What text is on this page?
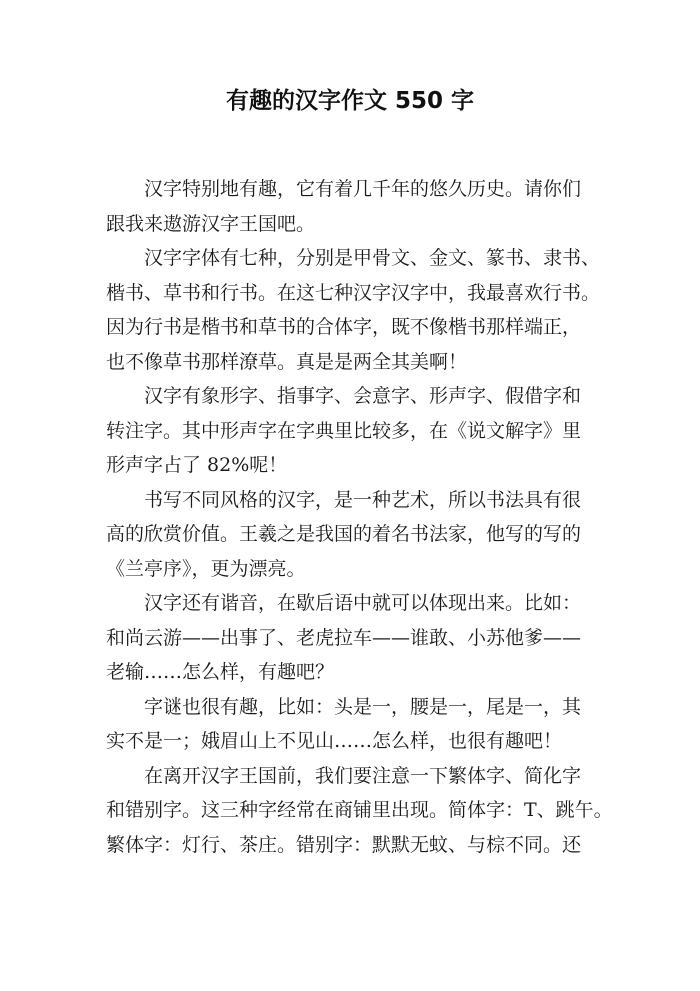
有趣的汉字作文 550 字
汉字特别地有趣，它有着几千年的悠久历史。请你们
跟我来遨游汉字王国吧。
汉字字体有七种，分别是甲骨文、金文、篆书、隶书、
楷书、草书和行书。在这七种汉字汉字中，我最喜欢行书。
因为行书是楷书和草书的合体字，既不像楷书那样端正，
也不像草书那样潦草。真是是两全其美啊！
汉字有象形字、指事字、会意字、形声字、假借字和
转注字。其中形声字在字典里比较多，在《说文解字》里
形声字占了 82%呢！
书写不同风格的汉字，是一种艺术，所以书法具有很
高的欣赏价值。王羲之是我国的着名书法家，他写的写的
《兰亭序》，更为漂亮。
汉字还有谐音，在歇后语中就可以体现出来。比如：
和尚云游——出事了、老虎拉车——谁敢、小苏他爹——
老输……怎么样，有趣吧？
字谜也很有趣，比如：头是一，腰是一，尾是一，其
实不是一；娥眉山上不见山……怎么样，也很有趣吧！
在离开汉字王国前，我们要注意一下繁体字、简化字
和错别字。这三种字经常在商铺里出现。简体字：T、跳午。
繁体字：灯行、茶庄。错别字：默默无蚊、与棕不同。还
